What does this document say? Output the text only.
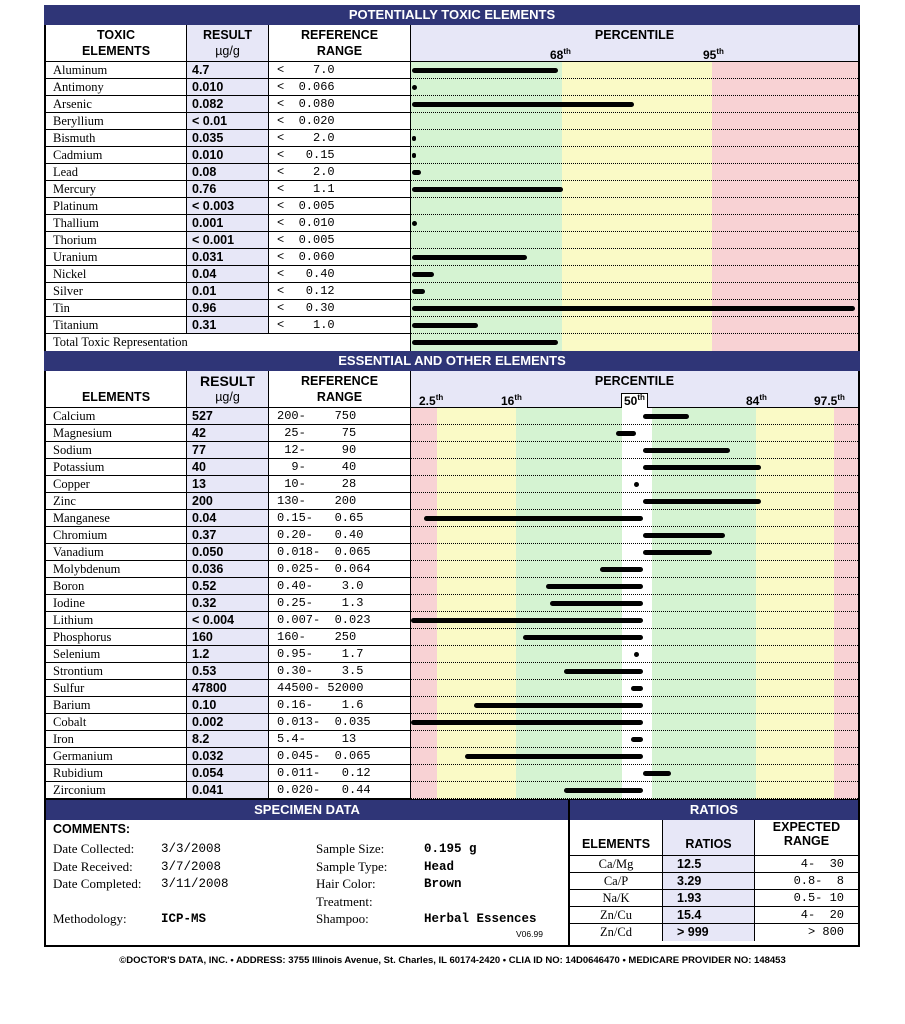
POTENTIALLY TOXIC ELEMENTS
TOXIC
ELEMENTS
RESULT
µg/g
REFERENCE
RANGE
PERCENTILE
68th	95th
Aluminum	4.7	<    7.0
Antimony	0.010	<  0.066
Arsenic	0.082	<  0.080
Beryllium	< 0.01	<  0.020
Bismuth	0.035	<    2.0
Cadmium	0.010	<   0.15
Lead	0.08	<    2.0
Mercury	0.76	<    1.1
Platinum	< 0.003	<  0.005
Thallium	0.001	<  0.010
Thorium	< 0.001	<  0.005
Uranium	0.031	<  0.060
Nickel	0.04	<   0.40
Silver	0.01	<   0.12
Tin	0.96	<   0.30
Titanium	0.31	<    1.0
Total Toxic Representation
ESSENTIAL AND OTHER ELEMENTS
ELEMENTS
RESULT
µg/g
REFERENCE
RANGE
PERCENTILE
2.5th	16th	50th	84th	97.5th
Calcium	527	200-    750
Magnesium	42	25-     75
Sodium	77	12-     90
Potassium	40	9-     40
Copper	13	10-     28
Zinc	200	130-    200
Manganese	0.04	0.15-   0.65
Chromium	0.37	0.20-   0.40
Vanadium	0.050	0.018-  0.065
Molybdenum	0.036	0.025-  0.064
Boron	0.52	0.40-    3.0
Iodine	0.32	0.25-    1.3
Lithium	< 0.004	0.007-  0.023
Phosphorus	160	160-    250
Selenium	1.2	0.95-    1.7
Strontium	0.53	0.30-    3.5
Sulfur	47800	44500- 52000
Barium	0.10	0.16-    1.6
Cobalt	0.002	0.013-  0.035
Iron	8.2	5.4-     13
Germanium	0.032	0.045-  0.065
Rubidium	0.054	0.011-   0.12
Zirconium	0.041	0.020-   0.44
SPECIMEN DATA
COMMENTS:
Date Collected: 3/3/2008
Date Received: 3/7/2008
Date Completed: 3/11/2008
Methodology:	ICP-MS
Sample Size:	0.195 g
Sample Type:	Head
Hair Color:	Brown
Treatment:
Shampoo:	Herbal Essences
V06.99
RATIOS
ELEMENTS	RATIOS
EXPECTED
RANGE
Ca/Mg	12.5	4-  30
Ca/P	3.29	0.8-  8
Na/K	1.93	0.5- 10
Zn/Cu	15.4	4-  20
Zn/Cd	> 999	> 800
©DOCTOR'S DATA, INC. • ADDRESS: 3755 Illinois Avenue, St. Charles, IL 60174-2420 • CLIA ID NO: 14D0646470 • MEDICARE PROVIDER NO: 148453
